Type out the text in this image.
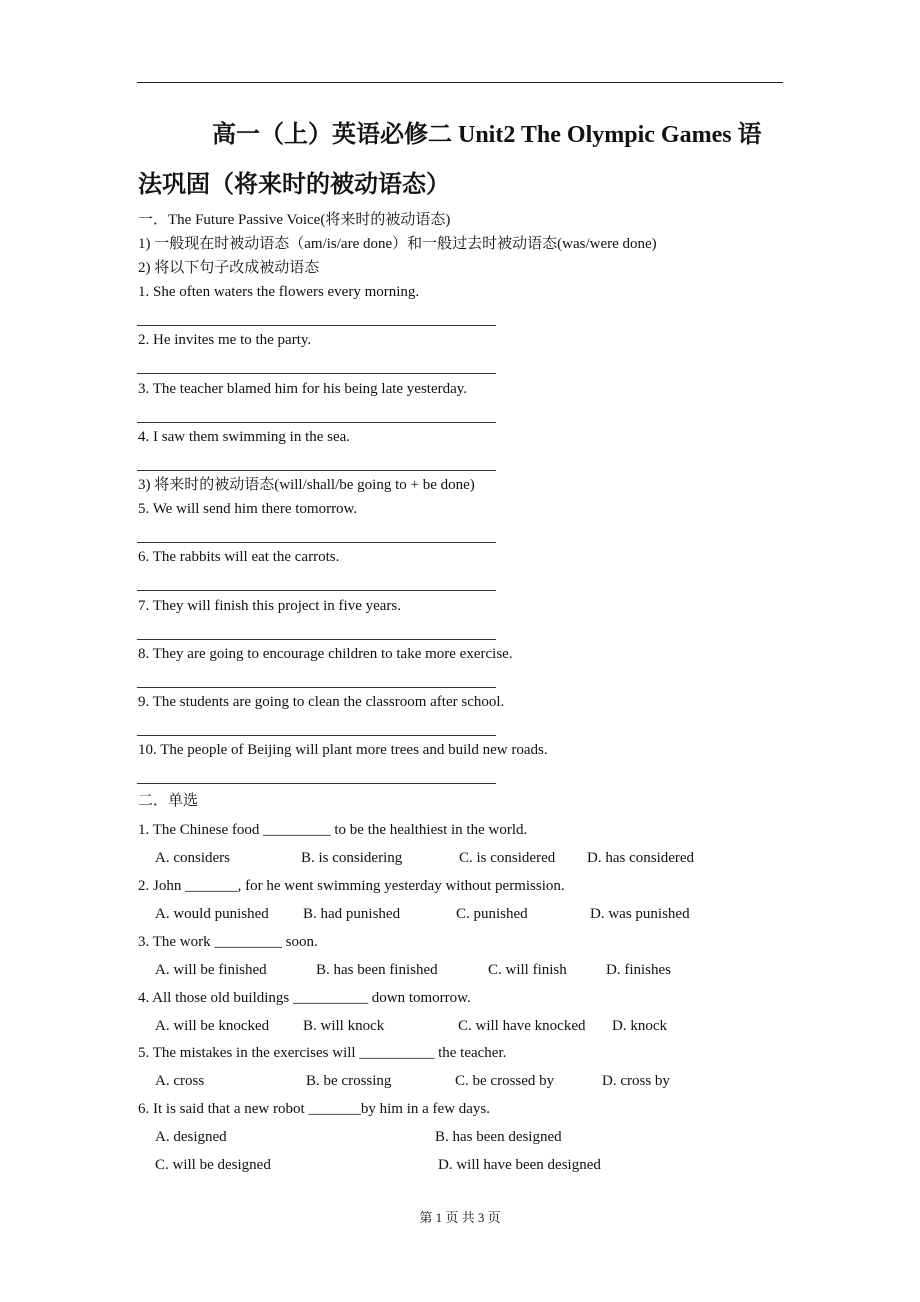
高一（上）英语必修二 Unit2 The Olympic Games 语
法巩固（将来时的被动语态）
一．The Future Passive Voice(将来时的被动语态)
1) 一般现在时被动语态（am/is/are done）和一般过去时被动语态(was/were done)
2) 将以下句子改成被动语态
3) 将来时的被动语态(will/shall/be going to + be done)
二．单选
第 1 页 共 3 页
1. She often waters the flowers every morning.
2. He invites me to the party.
3. The teacher blamed him for his being late yesterday.
4. I saw them swimming in the sea.
5. We will send him there tomorrow.
6. The rabbits will eat the carrots.
7. They will finish this project in five years.
8. They are going to encourage children to take more exercise.
9. The students are going to clean the classroom after school.
10. The people of Beijing will plant more trees and build new roads.
1. The Chinese food _________ to be the healthiest in the world.
A. considers	B. is considering	C. is considered D. has considered
2. John _______, for he went swimming yesterday without permission.
A. would punished B. had punished	C. punished	D. was punished
3. The work _________ soon.
A. will be finished	B. has been finished	C. will finish	D. finishes
4. All those old buildings __________ down tomorrow.
A. will be knocked B. will knock	C. will have knocked D. knock
5. The mistakes in the exercises will __________ the teacher.
A. cross	B. be crossing	C. be crossed by	D. cross by
6. It is said that a new robot _______by him in a few days.
A. designed	B. has been designed
C. will be designed	D. will have been designed
